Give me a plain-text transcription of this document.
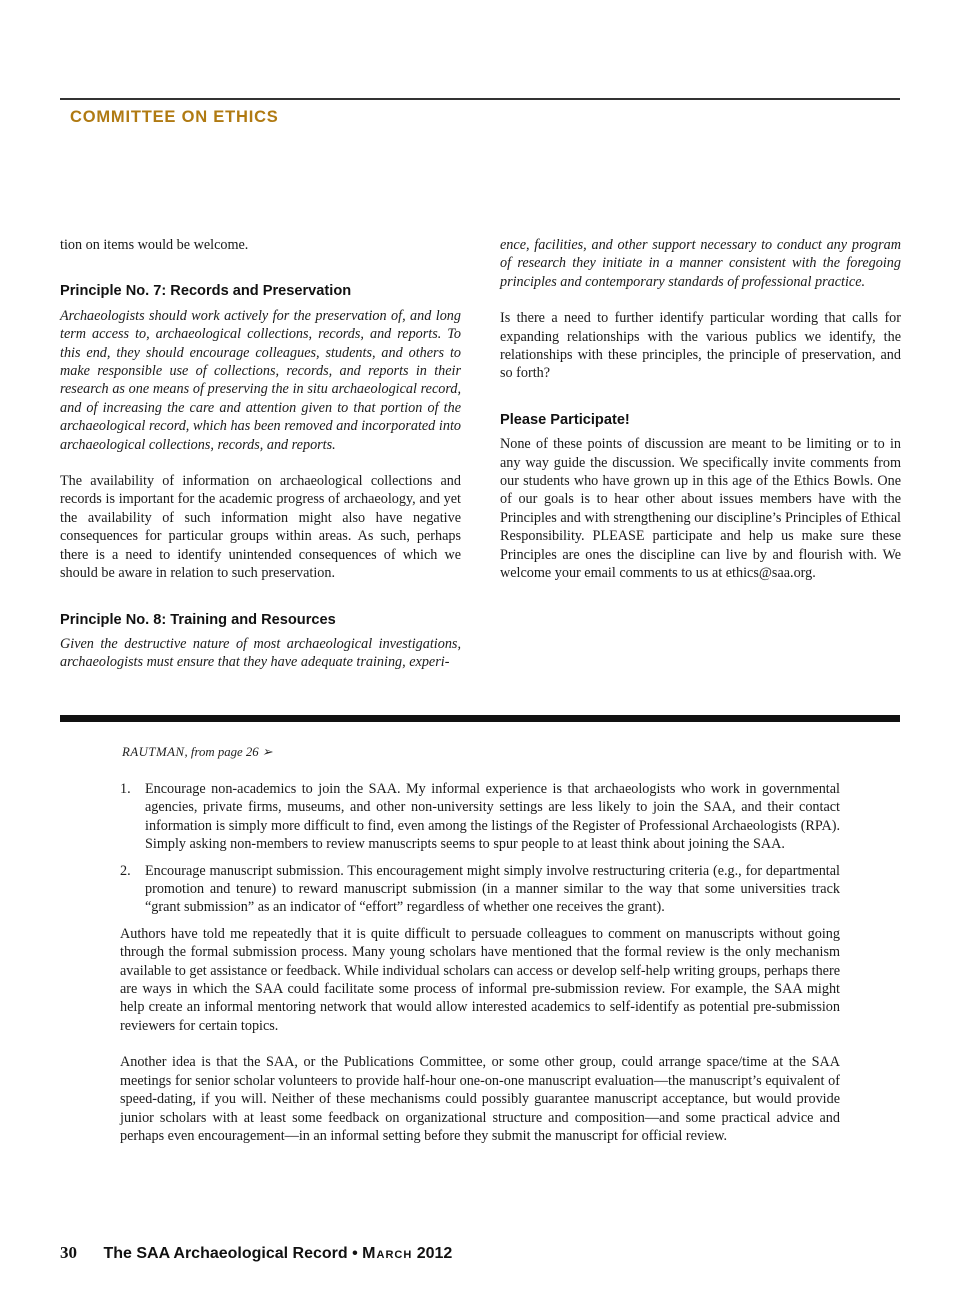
COMMITTEE ON ETHICS

tion on items would be welcome.

Principle No. 7: Records and Preservation

Archaeologists should work actively for the preservation of, and long term access to, archaeological collections, records, and reports. To this end, they should encourage colleagues, students, and others to make responsible use of collections, records, and reports in their research as one means of preserving the in situ archaeological record, and of increasing the care and attention given to that portion of the archaeological record, which has been removed and incorporated into archaeological collections, records, and reports.

The availability of information on archaeological collections and records is important for the academic progress of archaeology, and yet the availability of such information might also have negative consequences for particular groups within areas. As such, perhaps there is a need to identify unintended consequences of which we should be aware in relation to such preservation.

Principle No. 8: Training and Resources

Given the destructive nature of most archaeological investigations, archaeologists must ensure that they have adequate training, experi-

ence, facilities, and other support necessary to conduct any program of research they initiate in a manner consistent with the foregoing principles and contemporary standards of professional practice.

Is there a need to further identify particular wording that calls for expanding relationships with the various publics we identify, the relationships with these principles, the principle of preservation, and so forth?

Please Participate!

None of these points of discussion are meant to be limiting or to in any way guide the discussion. We specifically invite comments from our students who have grown up in this age of the Ethics Bowls. One of our goals is to hear other about issues members have with the Principles and with strengthening our discipline’s Principles of Ethical Responsibility. PLEASE participate and help us make sure these Principles are ones the discipline can live by and flourish with. We welcome your email comments to us at ethics@saa.org.

RAUTMAN, from page 26 ➢
1. Encourage non-academics to join the SAA. My informal experience is that archaeologists who work in governmental agencies, private firms, museums, and other non-university settings are less likely to join the SAA, and their contact information is simply more difficult to find, even among the listings of the Register of Professional Archaeologists (RPA). Simply asking non-members to review manuscripts seems to spur people to at least think about joining the SAA.
2. Encourage manuscript submission. This encouragement might simply involve restructuring criteria (e.g., for departmental promotion and tenure) to reward manuscript submission (in a manner similar to the way that some universities track “grant submission” as an indicator of “effort” regardless of whether one receives the grant).

Authors have told me repeatedly that it is quite difficult to persuade colleagues to comment on manuscripts without going through the formal submission process. Many young scholars have mentioned that the formal review is the only mechanism available to get assistance or feedback. While individual scholars can access or develop self-help writing groups, perhaps there are ways in which the SAA could facilitate some process of informal pre-submission review. For example, the SAA might help create an informal mentoring network that would allow interested academics to self-identify as potential pre-submission reviewers for certain topics.

Another idea is that the SAA, or the Publications Committee, or some other group, could arrange space/time at the SAA meetings for senior scholar volunteers to provide half-hour one-on-one manuscript evaluation—the manuscript’s equivalent of speed-dating, if you will. Neither of these mechanisms could possibly guarantee manuscript acceptance, but would provide junior scholars with at least some feedback on organizational structure and composition—and some practical advice and perhaps even encouragement—in an informal setting before they submit the manuscript for official review.

30 The SAA Archaeological Record • March 2012
